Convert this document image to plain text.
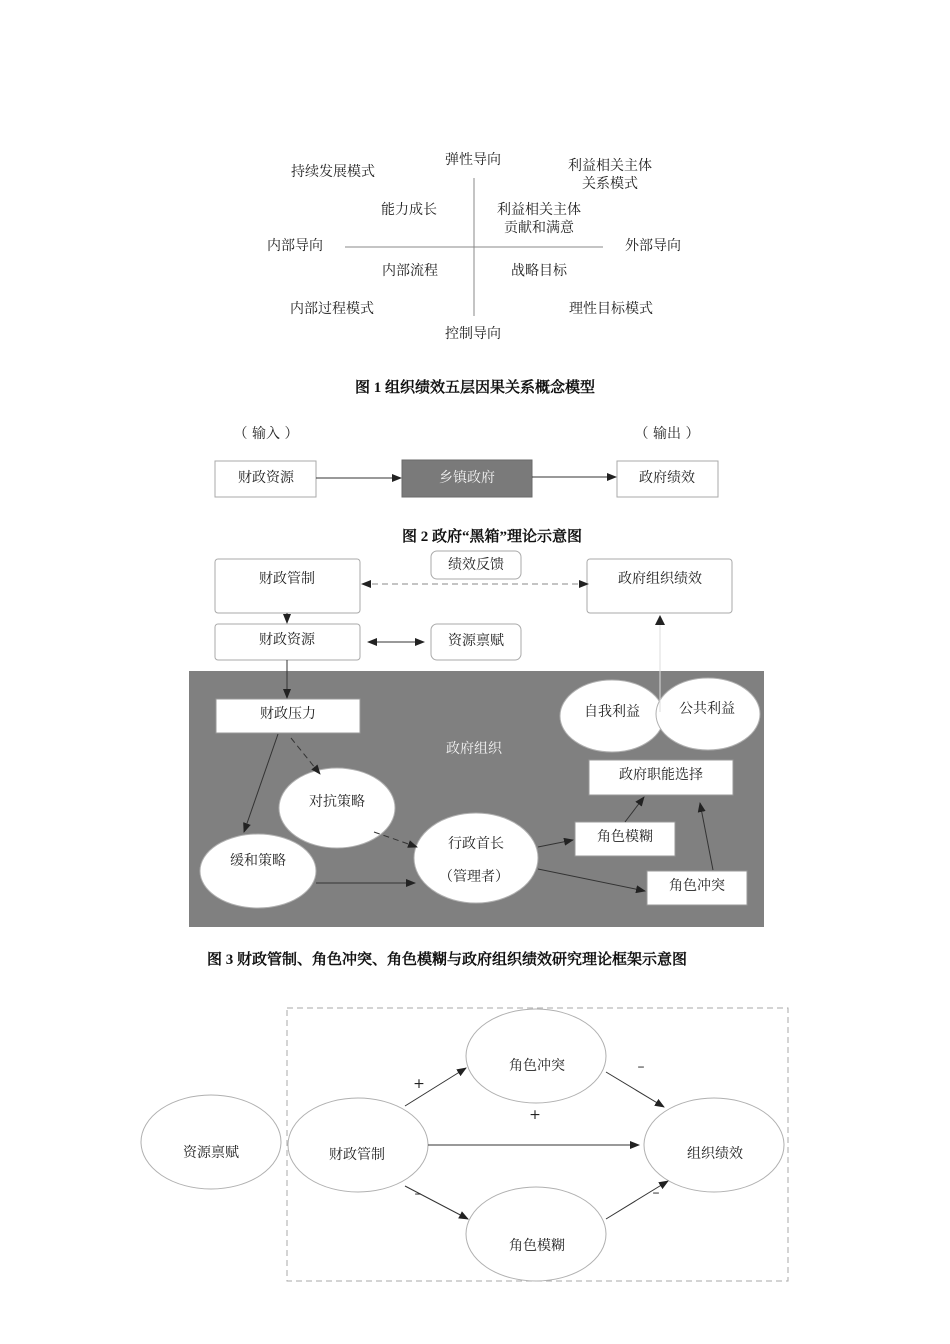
弹性导向
控制导向
内部导向	外部导向
持续发展模式
能力成长
利益相关主体
关系模式
利益相关主体
贡献和满意
内部流程
内部过程模式
战略目标
理性目标模式
图 1 组织绩效五层因果关系概念模型
（ 输入 ）	（ 输出 ）
财政资源	乡镇政府	政府绩效
图 2 政府“黑箱”理论示意图
政府组织
财政管制
绩效反馈
政府组织绩效
财政资源	资源禀赋
财政压力	自我利益	公共利益
政府职能选择
对抗策略
缓和策略
行政首长
（管理者）
角色模糊
角色冲突
图 3 财政管制、角色冲突、角色模糊与政府组织绩效研究理论框架示意图
资源禀赋	财政管制
角色冲突
角色模糊
组织绩效
+
–
+
–	–
